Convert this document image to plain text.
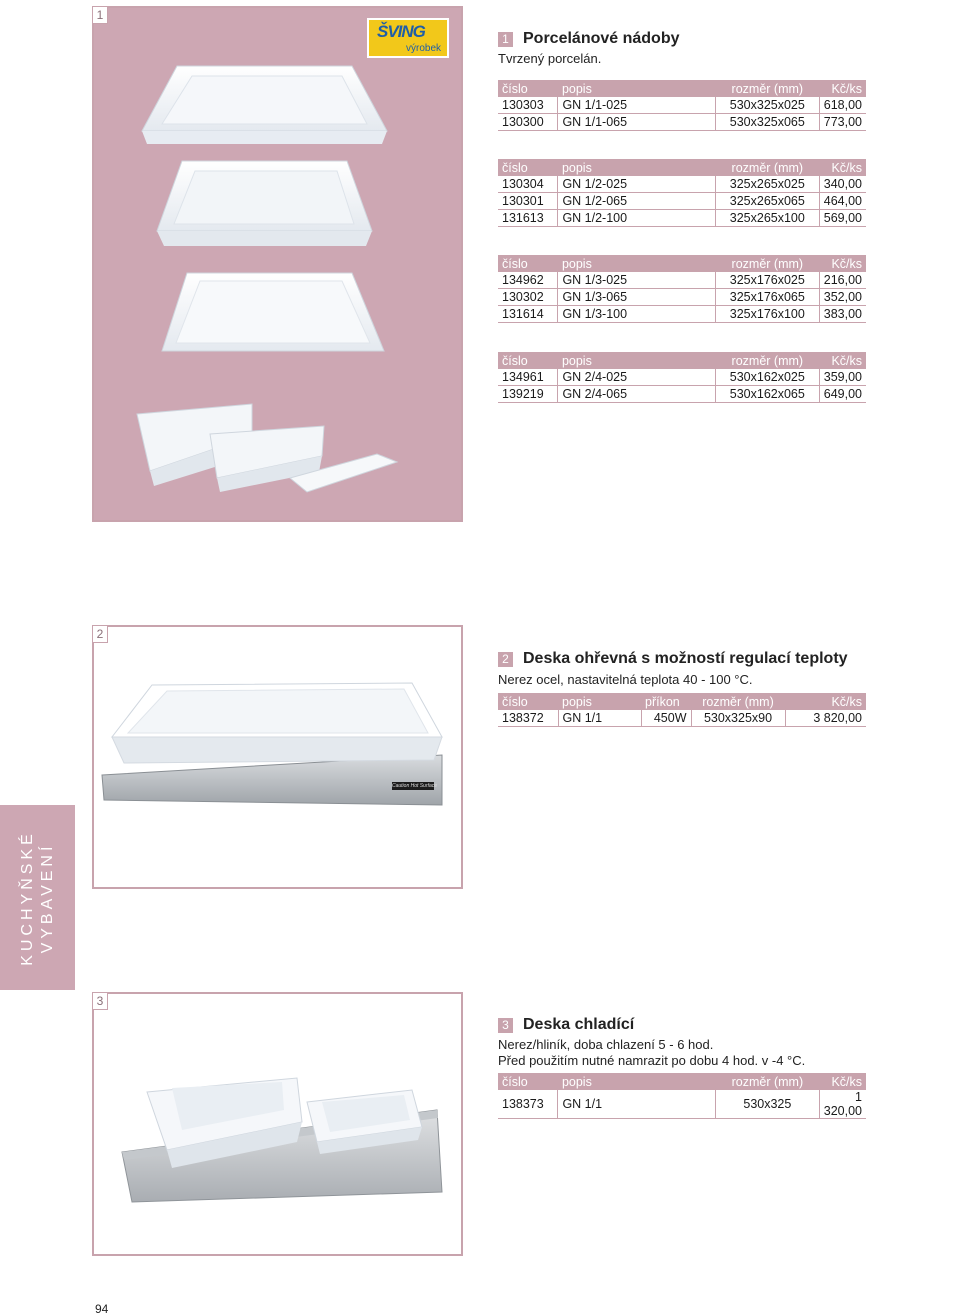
1
ŠVING
výrobek
1 Porcelánové nádoby
Tvrzený porcelán.
číslo	popis	rozměr (mm)	Kč/ks
130303	GN 1/1-025	530x325x025	618,00
130300	GN 1/1-065	530x325x065	773,00
číslo	popis	rozměr (mm)	Kč/ks
130304	GN 1/2-025	325x265x025	340,00
130301	GN 1/2-065	325x265x065	464,00
131613	GN 1/2-100	325x265x100	569,00
číslo	popis	rozměr (mm)	Kč/ks
134962	GN 1/3-025	325x176x025	216,00
130302	GN 1/3-065	325x176x065	352,00
131614	GN 1/3-100	325x176x100	383,00
číslo	popis	rozměr (mm)	Kč/ks
134961	GN 2/4-025	530x162x025	359,00
139219	GN 2/4-065	530x162x065	649,00
2
Caution Hot Surface
2 Deska ohřevná s možností regulací teploty
Nerez ocel, nastavitelná teplota 40 - 100 °C.
číslo	popis	příkon	rozměr (mm)	Kč/ks
138372	GN 1/1	450W	530x325x90	3 820,00
KUCHYŇSKÉ VYBAVENÍ
3
3 Deska chladící
Nerez/hliník, doba chlazení 5 - 6 hod.
Před použitím nutné namrazit po dobu 4 hod. v -4 °C.
číslo	popis	rozměr (mm)	Kč/ks
138373	GN 1/1	530x325	1 320,00
94
